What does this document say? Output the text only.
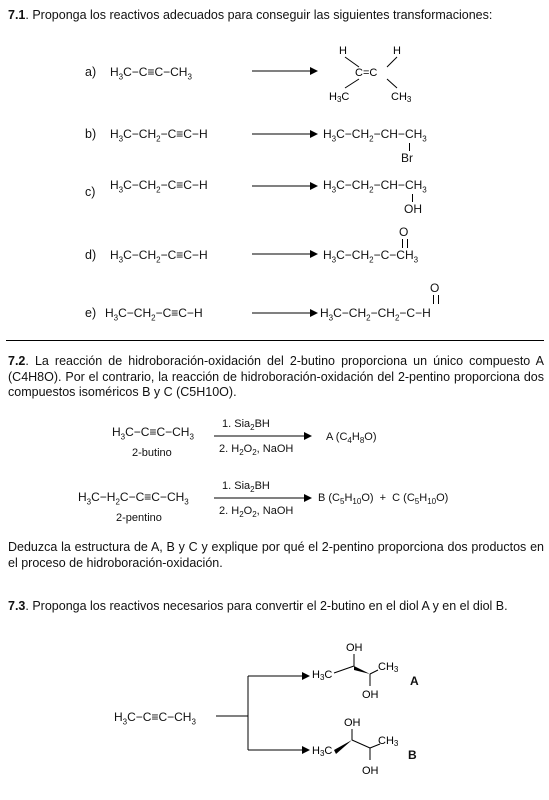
7.1. Proponga los reactivos adecuados para conseguir las siguientes transformaciones:
a) $H_3C-C\equiv C-CH_3$
H	H
C=C
H3C	CH3
b) $H_3C-CH_2-C\equiv C-H$	$H_3C-CH_2-CH-CH_3$
Br
c) $H_3C-CH_2-C\equiv C-H$	$H_3C-CH_2-CH-CH_3$
OH
d) $H_3C-CH_2-C\equiv C-H$
O
$H_3C-CH_2-C-CH_3$
e) $H_3C-CH_2-C\equiv C-H$
O
$H_3C-CH_2-CH_2-C-H$
7.2. La reacción de hidroboración-oxidación del 2-butino proporciona un único compuesto A (C4H8O). Por el contrario, la reacción de hidroboración-oxidación del 2-pentino proporciona dos compuestos isoméricos B y C (C5H10O).
$H_3C-C\equiv C-CH_3$
2-butino
1. Sia$_2$BH
2. $H_2O_2$, NaOH
A $(C_4H_8O)$
$H_3C-H_2C-C\equiv C-CH_3$
2-pentino
1. Sia$_2$BH
2. $H_2O_2$, NaOH
B $(C_5H_{10}O) + C$ $(C_5H_{10}O)$
Deduzca la estructura de A, B y C y explique por qué el 2-pentino proporciona dos productos en el proceso de hidroboración-oxidación.
7.3. Proponga los reactivos necesarios para convertir el 2-butino en el diol A y en el diol B.
$H_3C-C\equiv C-CH_3$
OH
H3C
CH3
OH
A
OH
H3C
CH3
OH
B
